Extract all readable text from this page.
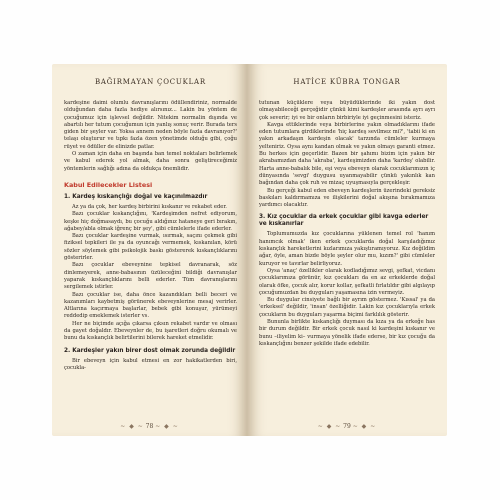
BAĞIRMAYAN ÇOCUKLAR

kardeşine daimi olumlu davranışlarını ödüllendiriniz, normalde olduğundan daha fazla hediye alırsınız... Lakin bu yöntem de çocuğumuz için işlevsel değildir. Nitekim normalin dışında ve abartılı her tutum çocuğumun için yanlış sonuç verir. Burada ters giden bir şeyler var. Yoksa annem neden böyle fazla davranıyor?' telaşı oluşturur ve tıpkı fazla özen yönetimde olduğu gibi, çoğu rüyet ve ödüller de elinizde patlar.

O zaman için daha en başında ban temel noktaları belirlemek ve kabul ederek yol almak, daha sonra geliştireceğimiz yöntemlerin sağlığı adına da oldukça önemlidir.

Kabul Edilecekler Listesi
1. Kardeş kıskançlığı doğal ve kaçınılmazdır

Az ya da çok, her kardeş birbirini kıskanır ve rekabet eder.

Bazı çocuklar kıskançlığını, 'Kardeşimden nefret ediyorum, keşke hiç doğmasaydı, bu çocuğu aldığınız hataneye geri bırakın, ağabey/abla olmak iğrenç bir şey', gibi cümlelerle ifade ederler.

Bazı çocuklar kardeşine vurmak, ısırmak, saçını çekmek gibi fiziksel tepkileri ile ya da oyuncağı vermemek, kıskanılan, körü sözler söylemek gibi psikolojik baskı göstererek kıskançlıklarını gösterirler.

Bazı çocuklar ebeveynine tepkisel davranarak, söz dinlemeyerek, anne-babasının üzüleceğini bildiği davranışlar yaparak kıskançlıklarını belli ederler. Tüm davranışlarını sergilemek istirler.

Bazı çocuklar ise, daha önce kazandıkları belli beceri ve kazanımları kaybetmiş görünerek ebeveynlerine mesaj verirler. Altlarına kaçırmaya başlarlar, bebek gibi konuşur, yürümeyi reddedip emeklemek isterler vs.

Her ne biçimde açığa çıkarsa çıksın rekabet vardır ve olması da gayet doğaldır. Ebeveynler de, bu işaretleri doğru okumalı ve bunu da kıskançlık belirtilerini bilerek hareket etmelidir.

2. Kardeşler yakın birer dost olmak zorunda değildir

Bir ebeveyn için kabul etmesi en zor hakikatlerden biri, çocukla-

~ ◆ ~ 78 ~ ◆ ~
HATİCE KÜBRA TONGAR

tutunan küçüklere veya büyüdüklerinde iki yakın dost olmayabileceği gerçeğidir çünkü kimi kardeşler arasında ayrı ayrı çok severir; iyi ve bir onların birbiriyle iyi geçinmesini isteriz.

Kavga ettiklerinde veya birbirlerine yakın olmadıklarını ifade eden tutumlara girdiklerinde 'hiç kardeş sevilmez mi?', 'tabii ki en yakın arkadaşın kardeşin olacak' tarzında cümleler kurmaya yelteniriz. Oysa aynı kandan olmak ve yakın olmayı garanti etmez. Bu herkes için geçerlidir. Bazen bir şahımı bizim için yakın bir akrabamızdan daha 'akraba', kardeşimizden daha 'kardeş' olabilir. Harta anne-babalık bile, eşi veya ebeveyn olarak cocuklarımızın iç dünyasında 'sevgi' duygusu uyanmayabilir çünkü yakınlık kan bağından daha çok ruh ve mizaç uyuşmasıyla gerçekleşir.

Bu gerçeği kabul eden ebeveyn kardeşlerin üzerindeki gereksiz baskıları kaldırmamıza ve ilişkilerini doğal akışına bırakmamıza yardımcı olacaktır.

3. Kız çocuklar da erkek çocuklar gibi kavga ederler ve kıskanırlar

Toplumumuzda kız çocuklarına yüklenen temel rol 'hanım hanımcık olmak' iken erkek çocuklarda doğal karşıladığımız kıskançlık hareketlerini kızlarımıza yakıştıramıyoruz. Kız değildim ağar, öyle, aman bizde böyle şeyler olur mu, kızım?' gibi cümleler kuruyor ve tavırlar belirliyoruz.

Oysa 'anaç' özellikler olarak kodladığımız sevgi, şefkat, vicdanı çocuklarımıza görünür, kız çocukları da en az erkeklerde doğal olarak öfke, çocuk alır, korur kollar, şefkatli fırlatıldır gibi algılayıp çocuğumuzdan bu duyguları yaşamasına izin vermeyiz.

Bu duygular cinsiyete bağlı bir ayrım göstermez. 'Kıssal' ya da 'erkeksel' değildir, 'insan' özelliğidir. Lakin kız çocuklarıyla erkek çocukların bu duyguları yaşarma biçimi farklılık gösterir.

Bununla birlikte kıskançlığı duyması da kıza ya da erkeğe has bir durum değildir. Bir erkek çocuk nasıl ki kardeşini kıskanır ve bunu –iliyelim ki– vurmaya yönelik ifade ederse, bir kız çocuğu da kıskançlığını benzer şekilde ifade edebilir.

~ ◆ ~ 79 ~ ◆ ~
